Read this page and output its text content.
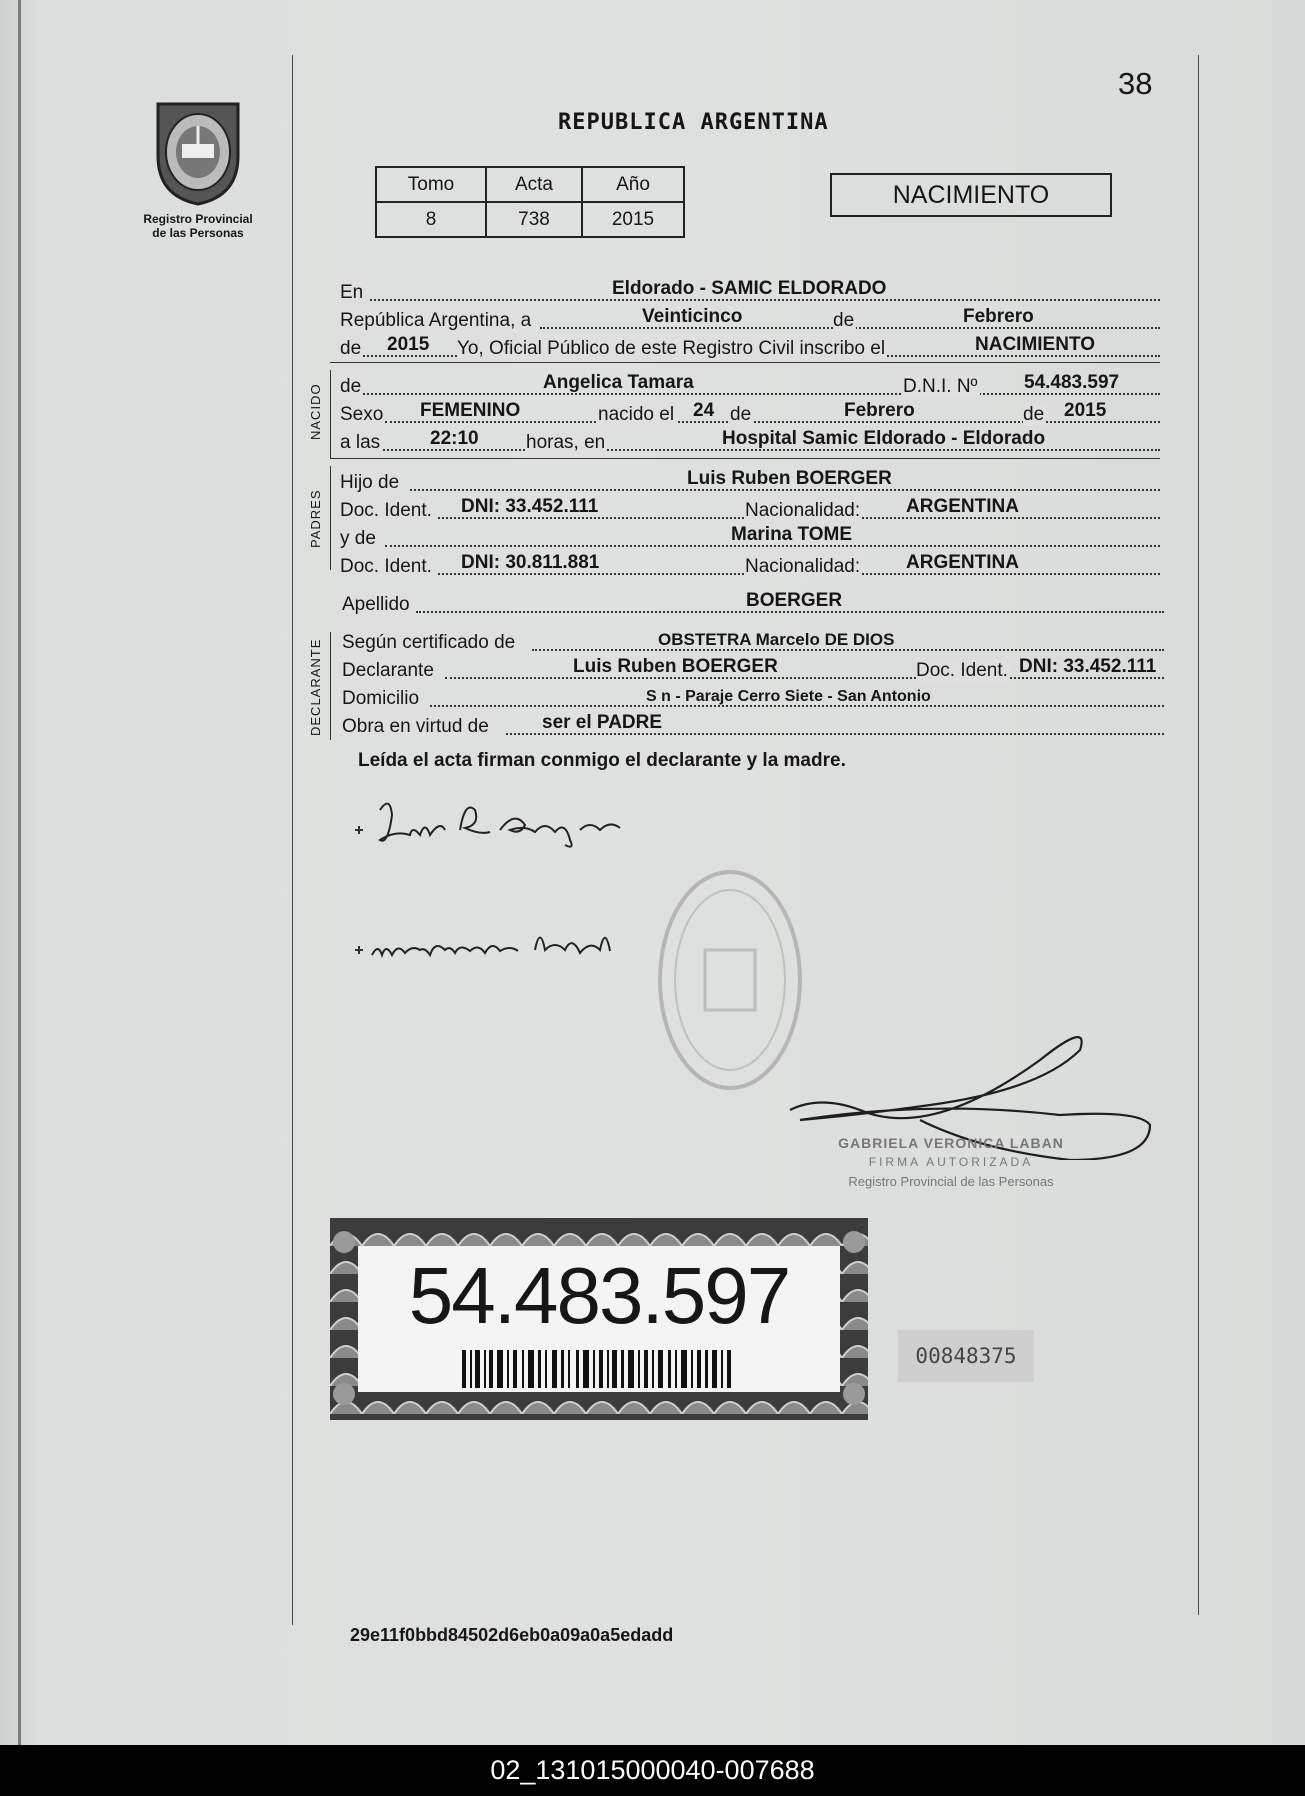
38
REPUBLICA ARGENTINA
Registro Provincial
de las Personas
Tomo	Acta	Año
8	738	2015
NACIMIENTO
En	Eldorado - SAMIC ELDORADO
República Argentina, a	Veinticinco	de	Febrero
de 2015 Yo, Oficial Público de este Registro Civil inscribo el	NACIMIENTO
NACIDO de	Angelica Tamara	D.N.I. Nº 54.483.597
Sexo FEMENINO	nacido el 24 de	Febrero	de 2015
a las	22:10 horas, en	Hospital Samic Eldorado - Eldorado
PADRES
Hijo de	Luis Ruben BOERGER
Doc. Ident. DNI: 33.452.111	Nacionalidad: ARGENTINA
y de	Marina TOME
Doc. Ident. DNI: 30.811.881	Nacionalidad: ARGENTINA
Apellido	BOERGER
DECLARANTE Según certificado de	OBSTETRA Marcelo DE DIOS
Declarante	Luis Ruben BOERGER	Doc. Ident. DNI: 33.452.111
Domicilio	S n - Paraje Cerro Siete - San Antonio
Obra en virtud de	ser el PADRE
Leída el acta firman conmigo el declarante y la madre.
GABRIELA VERONICA LABAN
FIRMA AUTORIZADA
Registro Provincial de las Personas
54.483.597
00848375
29e11f0bbd84502d6eb0a09a0a5edadd
02_131015000040-007688
